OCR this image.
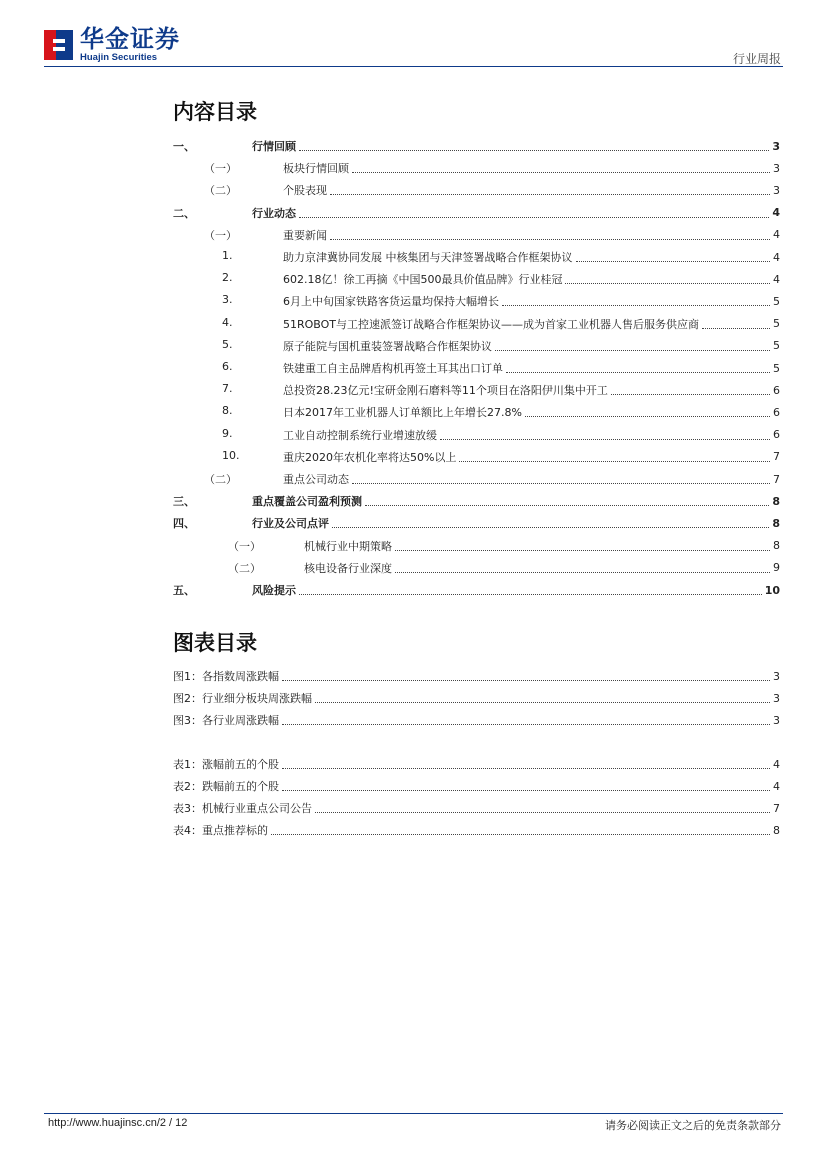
华金证券
Huajin Securities	行业周报
内容目录
一、	行情回顾	3
（一）	板块行情回顾	3
（二）	个股表现	3
二、	行业动态	4
（一）	重要新闻	4
1.	助力京津冀协同发展 中核集团与天津签署战略合作框架协议	4
2.	602.18亿！徐工再摘《中国500最具价值品牌》行业桂冠	4
3.	6月上中旬国家铁路客货运量均保持大幅增长	5
4.	51ROBOT与工控速派签订战略合作框架协议——成为首家工业机器人售后服务供应商	5
5.	原子能院与国机重装签署战略合作框架协议	5
6.	铁建重工自主品牌盾构机再签土耳其出口订单	5
7.	总投资28.23亿元!宝研金刚石磨料等11个项目在洛阳伊川集中开工	6
8.	日本2017年工业机器人订单额比上年增长27.8%	6
9.	工业自动控制系统行业增速放缓	6
10.	重庆2020年农机化率将达50%以上	7
（二）	重点公司动态	7
三、	重点覆盖公司盈利预测	8
四、	行业及公司点评	8
（一）	机械行业中期策略	8
（二）	核电设备行业深度	9
五、	风险提示	10
图表目录
图1：各指数周涨跌幅	3
图2：行业细分板块周涨跌幅	3
图3：各行业周涨跌幅	3
表1：涨幅前五的个股	4
表2：跌幅前五的个股	4
表3：机械行业重点公司公告	7
表4：重点推荐标的	8
http://www.huajinsc.cn/2 / 12	请务必阅读正文之后的免责条款部分
